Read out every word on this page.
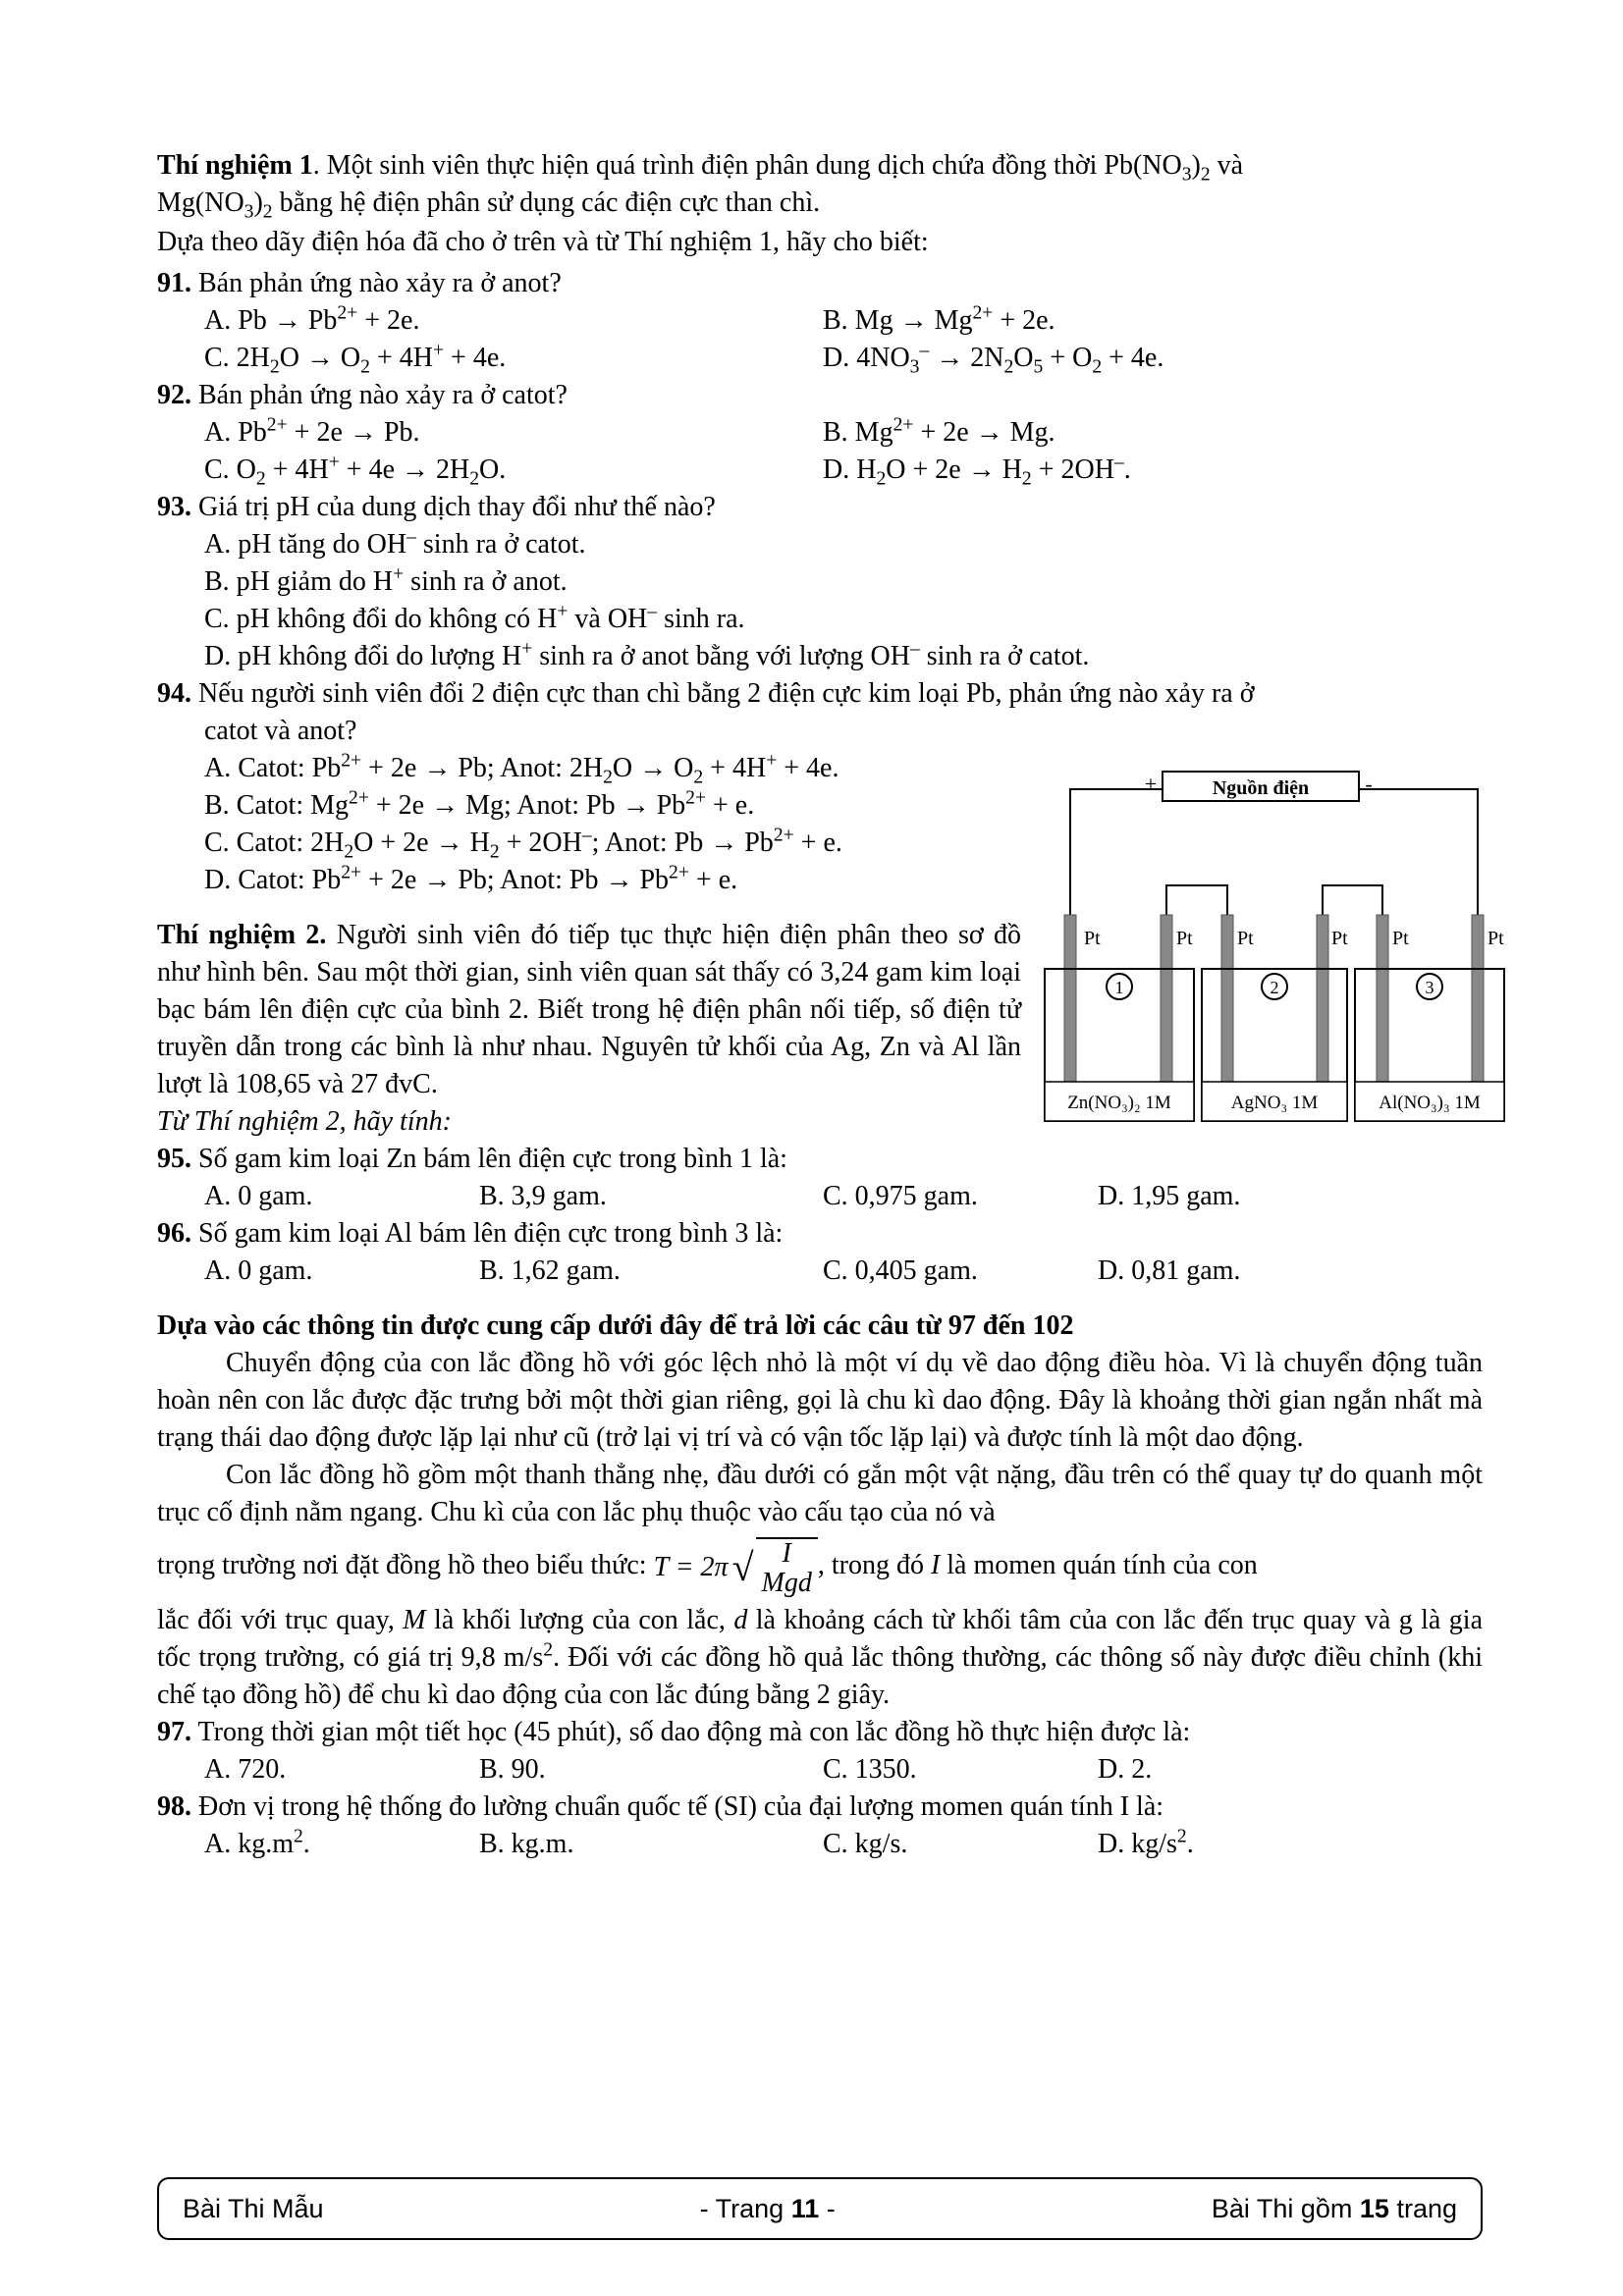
Thí nghiệm 1. Một sinh viên thực hiện quá trình điện phân dung dịch chứa đồng thời $Pb(NO_3)_2$ và
$Mg(NO_3)_2$ bằng hệ điện phân sử dụng các điện cực than chì.

Dựa theo dãy điện hóa đã cho ở trên và từ Thí nghiệm 1, hãy cho biết:

91. Bán phản ứng nào xảy ra ở anot?
A. $Pb \to Pb^{2+} + 2e$.	B. $Mg \to Mg^{2+} + 2e$.
C. $2H_2O \to O_2 + 4H^+ + 4e$.	D. $4NO_3^- \to 2N_2O_5 + O_2 + 4e$.
92. Bán phản ứng nào xảy ra ở catot?
A. $Pb^{2+} + 2e \to Pb$.	B. $Mg^{2+} + 2e \to Mg$.
C. $O_2 + 4H^+ + 4e \to 2H_2O$.	D. $H_2O + 2e \to H_2 + 2OH^-$.
93. Giá trị pH của dung dịch thay đổi như thế nào?
A. pH tăng do OH– sinh ra ở catot.
B. pH giảm do H+ sinh ra ở anot.
C. pH không đổi do không có H+ và OH– sinh ra.
D. pH không đổi do lượng H+ sinh ra ở anot bằng với lượng OH– sinh ra ở catot.
94. Nếu người sinh viên đổi 2 điện cực than chì bằng 2 điện cực kim loại Pb, phản ứng nào xảy ra ở
catot và anot?
A. Catot: $Pb^{2+} + 2e \to Pb$; Anot: $2H_2O \to O_2 + 4H^+ + 4e$.
B. Catot: $Mg^{2+} + 2e \to Mg$; Anot: $Pb \to Pb^{2+} + e$.
C. Catot: $2H_2O + 2e \to H_2 + 2OH^-$; Anot: $Pb \to Pb^{2+} + e$.
D. Catot: $Pb^{2+} + 2e \to Pb$; Anot: $Pb \to Pb^{2+} + e$.

Thí nghiệm 2. Người sinh viên đó tiếp tục thực hiện điện phân theo sơ đồ như hình bên. Sau một thời gian, sinh viên quan sát thấy có 3,24 gam kim loại bạc bám lên điện cực của bình 2. Biết trong hệ điện phân nối tiếp, số điện tử truyền dẫn trong các bình là như nhau. Nguyên tử khối của Ag, Zn và Al lần lượt là 108,65 và 27 đvC.

Từ Thí nghiệm 2, hãy tính:

95. Số gam kim loại Zn bám lên điện cực trong bình 1 là:
A. 0 gam.	B. 3,9 gam.	C. 0,975 gam.	D. 1,95 gam.
96. Số gam kim loại Al bám lên điện cực trong bình 3 là:
A. 0 gam.	B. 1,62 gam.	C. 0,405 gam.	D. 0,81 gam.

Dựa vào các thông tin được cung cấp dưới đây để trả lời các câu từ 97 đến 102

Chuyển động của con lắc đồng hồ với góc lệch nhỏ là một ví dụ về dao động điều hòa. Vì là chuyển động tuần hoàn nên con lắc được đặc trưng bởi một thời gian riêng, gọi là chu kì dao động. Đây là khoảng thời gian ngắn nhất mà trạng thái dao động được lặp lại như cũ (trở lại vị trí và có vận tốc lặp lại) và được tính là một dao động.

Con lắc đồng hồ gồm một thanh thẳng nhẹ, đầu dưới có gắn một vật nặng, đầu trên có thể quay tự do quanh một trục cố định nằm ngang. Chu kì của con lắc phụ thuộc vào cấu tạo của nó và

trọng trường nơi đặt đồng hồ theo biểu thức: T = 2π √ I
Mgd
, trong đó I là momen quán tính của con

lắc đối với trục quay, M là khối lượng của con lắc, d là khoảng cách từ khối tâm của con lắc đến trục quay và g là gia tốc trọng trường, có giá trị 9,8 $m/s^2$. Đối với các đồng hồ quả lắc thông thường, các thông số này được điều chỉnh (khi chế tạo đồng hồ) để chu kì dao động của con lắc đúng bằng 2 giây.

97. Trong thời gian một tiết học (45 phút), số dao động mà con lắc đồng hồ thực hiện được là:
A. 720.	B. 90.	C. 1350.	D. 2.
98. Đơn vị trong hệ thống đo lường chuẩn quốc tế (SI) của đại lượng momen quán tính I là:
A. $kg.m^2$.	B. kg.m.	C. kg/s.	D. $kg/s^2$.
Nguồn điện
+	-
Pt	Pt Pt	Pt Pt	Pt
Zn(NO₃)₂ 1M	AgNO₃ 1M	Al(NO₃)₃ 1M
1	2	3
Bài Thi Mẫu	- Trang 11 -	Bài Thi gồm 15 trang
